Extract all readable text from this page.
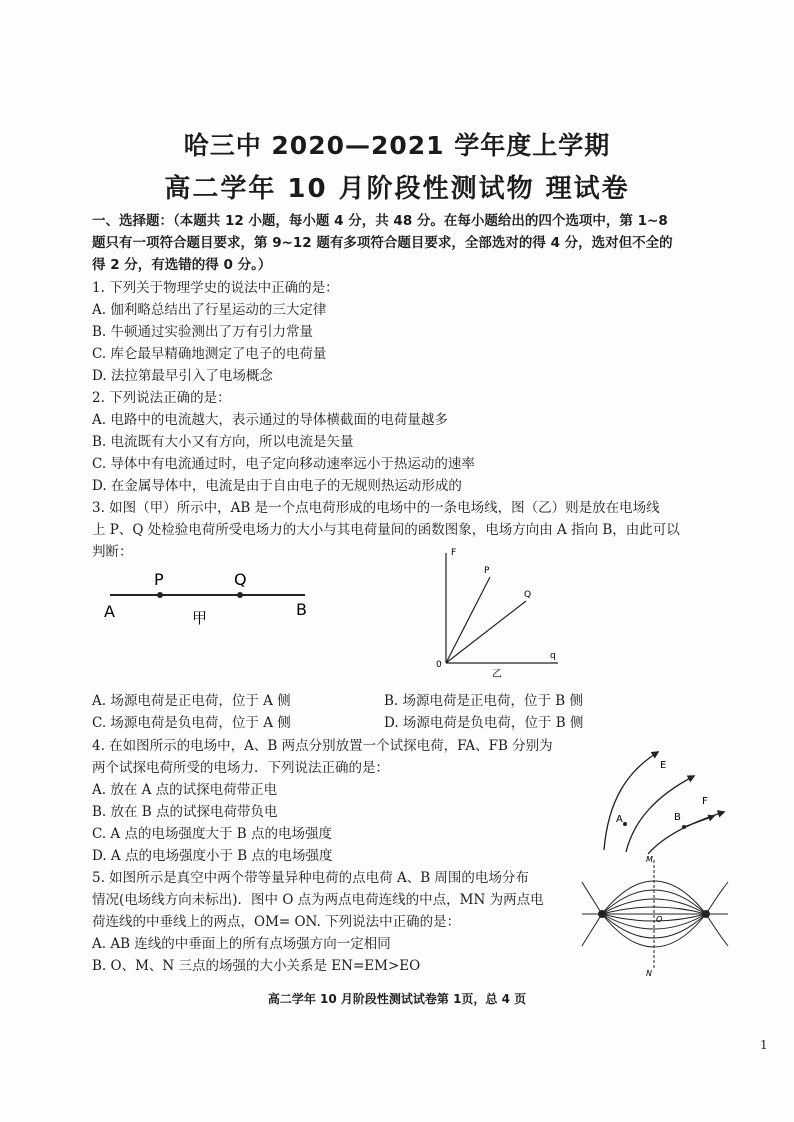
哈三中 2020—2021 学年度上学期
高二学年 10 月阶段性测试物 理试卷
一、选择题：（本题共 12 小题，每小题 4 分，共 48 分。在每小题给出的四个选项中，第 1~8
题只有一项符合题目要求，第 9~12 题有多项符合题目要求，全部选对的得 4 分，选对但不全的
得 2 分，有选错的得 0 分。）
1. 下列关于物理学史的说法中正确的是：
A. 伽利略总结出了行星运动的三大定律
B. 牛顿通过实验测出了万有引力常量
C. 库仑最早精确地测定了电子的电荷量
D. 法拉第最早引入了电场概念
2. 下列说法正确的是：
A. 电路中的电流越大，表示通过的导体横截面的电荷量越多
B. 电流既有大小又有方向，所以电流是矢量
C. 导体中有电流通过时，电子定向移动速率远小于热运动的速率
D. 在金属导体中，电流是由于自由电子的无规则热运动形成的
3. 如图（甲）所示中，AB 是一个点电荷形成的电场中的一条电场线，图（乙）则是放在电场线
上 P、Q 处检验电荷所受电场力的大小与其电荷量间的函数图象，电场方向由 A 指向 B，由此可以
判断：
P	Q
A	B
甲
F
P
Q
q
0
乙
A. 场源电荷是正电荷，位于 A 侧	B. 场源电荷是正电荷，位于 B 侧
C. 场源电荷是负电荷，位于 A 侧	D. 场源电荷是负电荷，位于 B 侧
4. 在如图所示的电场中，A、B 两点分别放置一个试探电荷，FA、FB 分别为
两个试探电荷所受的电场力．下列说法正确的是：
A. 放在 A 点的试探电荷带正电
B. 放在 B 点的试探电荷带负电
C. A 点的电场强度大于 B 点的电场强度
D. A 点的电场强度小于 B 点的电场强度
E
A	B
F
5. 如图所示是真空中两个带等量异种电荷的点电荷 A、B 周围的电场分布
情况(电场线方向未标出)．图中 O 点为两点电荷连线的中点，MN 为两点电
荷连线的中垂线上的两点，OM= ON. 下列说法中正确的是：
A. AB 连线的中垂面上的所有点场强方向一定相同
B. O、M、N 三点的场强的大小关系是 EN=EM>EO
M
O
N
高二学年 10 月阶段性测试试卷第 1页，总 4 页
1
